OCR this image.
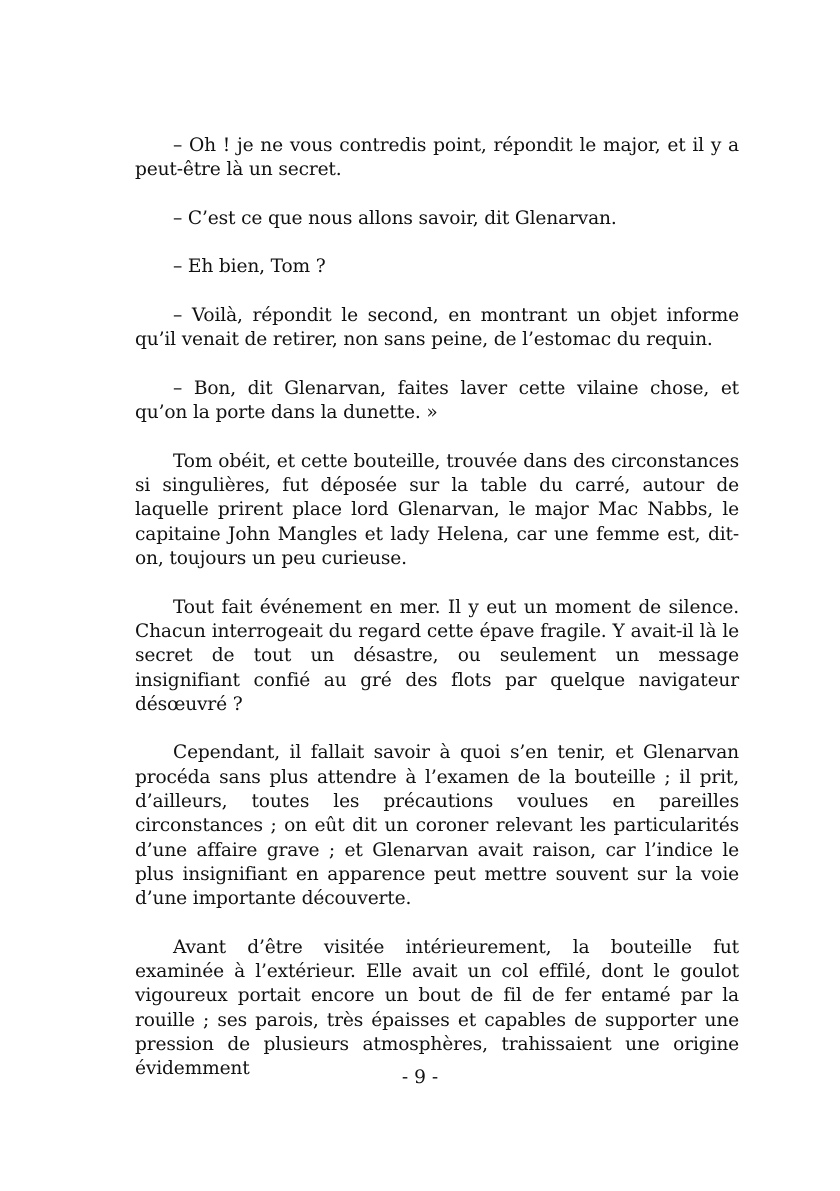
– Oh ! je ne vous contredis point, répondit le major, et il y a peut-être là un secret.

– C’est ce que nous allons savoir, dit Glenarvan.

– Eh bien, Tom ?

– Voilà, répondit le second, en montrant un objet informe qu’il venait de retirer, non sans peine, de l’estomac du requin.

– Bon, dit Glenarvan, faites laver cette vilaine chose, et qu’on la porte dans la dunette. »

Tom obéit, et cette bouteille, trouvée dans des circonstances si singulières, fut déposée sur la table du carré, autour de laquelle prirent place lord Glenarvan, le major Mac Nabbs, le capitaine John Mangles et lady Helena, car une femme est, dit-on, toujours un peu curieuse.

Tout fait événement en mer. Il y eut un moment de silence. Chacun interrogeait du regard cette épave fragile. Y avait-il là le secret de tout un désastre, ou seulement un message insignifiant confié au gré des flots par quelque navigateur désœuvré ?

Cependant, il fallait savoir à quoi s’en tenir, et Glenarvan procéda sans plus attendre à l’examen de la bouteille ; il prit, d’ailleurs, toutes les précautions voulues en pareilles circonstances ; on eût dit un coroner relevant les particularités d’une affaire grave ; et Glenarvan avait raison, car l’indice le plus insignifiant en apparence peut mettre souvent sur la voie d’une importante découverte.

Avant d’être visitée intérieurement, la bouteille fut examinée à l’extérieur. Elle avait un col effilé, dont le goulot vigoureux portait encore un bout de fil de fer entamé par la rouille ; ses parois, très épaisses et capables de supporter une pression de plusieurs atmosphères, trahissaient une origine évidemment	- 9 -
